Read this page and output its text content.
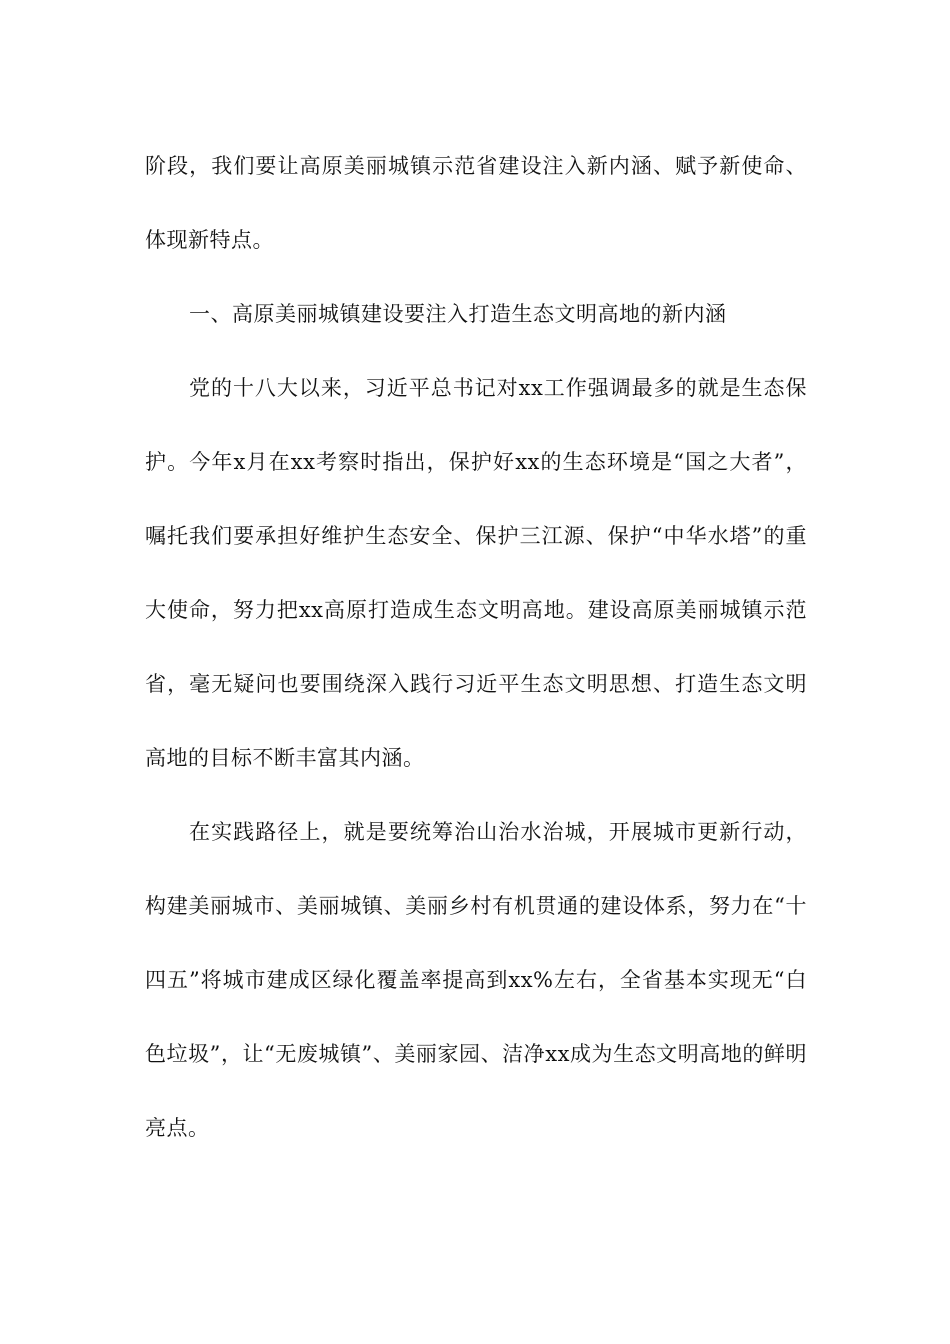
阶段，我们要让高原美丽城镇示范省建设注入新内涵、赋予新使命、体现新特点。

一、高原美丽城镇建设要注入打造生态文明高地的新内涵

党的十八大以来，习近平总书记对xx工作强调最多的就是生态保护。今年x月在xx考察时指出，保护好xx的生态环境是“国之大者”，嘱托我们要承担好维护生态安全、保护三江源、保护“中华水塔”的重大使命，努力把xx高原打造成生态文明高地。建设高原美丽城镇示范省，毫无疑问也要围绕深入践行习近平生态文明思想、打造生态文明高地的目标不断丰富其内涵。

在实践路径上，就是要统筹治山治水治城，开展城市更新行动，构建美丽城市、美丽城镇、美丽乡村有机贯通的建设体系，努力在“十四五”将城市建成区绿化覆盖率提高到xx%左右，全省基本实现无“白色垃圾”，让“无废城镇”、美丽家园、洁净xx成为生态文明高地的鲜明亮点。
